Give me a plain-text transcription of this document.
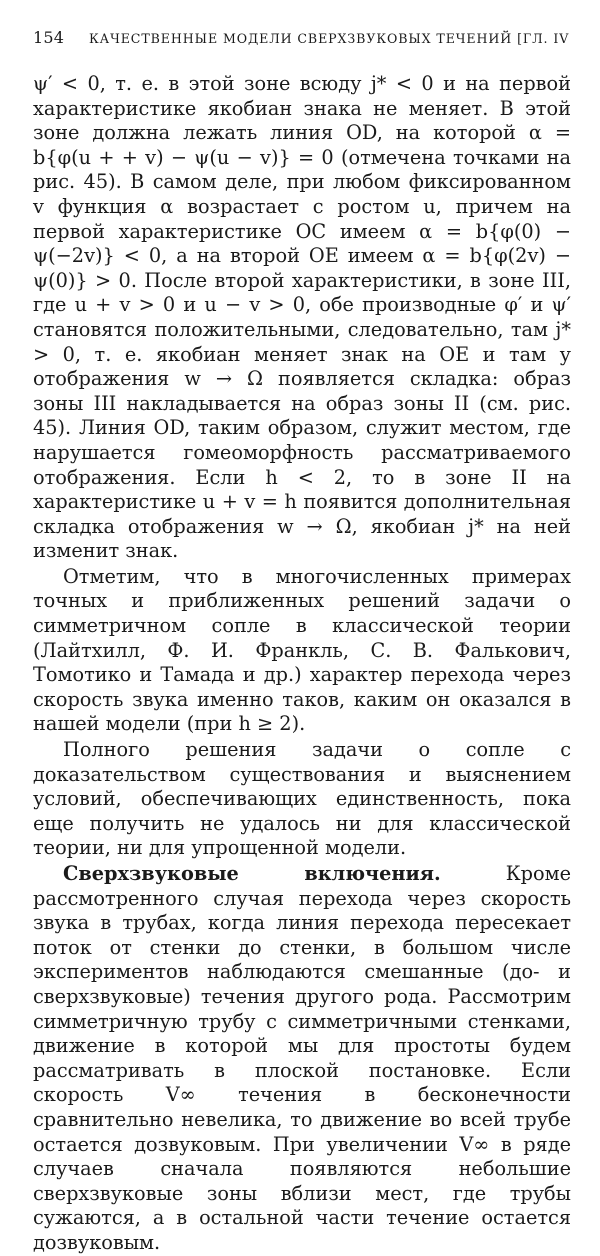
154	КАЧЕСТВЕННЫЕ МОДЕЛИ СВЕРХЗВУКОВЫХ ТЕЧЕНИЙ [ГЛ. IV

ψ′ < 0, т. е. в этой зоне всюду j* < 0 и на первой характеристике якобиан знака не меняет. В этой зоне должна лежать линия OD, на которой α = b{φ(u + + v) − ψ(u − v)} = 0 (отмечена точками на рис. 45). В самом деле, при любом фиксированном v функция α возрастает с ростом u, причем на первой характеристике OC имеем α = b{φ(0) − ψ(−2v)} < 0, а на второй OE имеем α = b{φ(2v) − ψ(0)} > 0. После второй характеристики, в зоне III, где u + v > 0 и u − v > 0, обе производные φ′ и ψ′ становятся положительными, следовательно, там j* > 0, т. е. якобиан меняет знак на OE и там у отображения w → Ω появляется складка: образ зоны III накладывается на образ зоны II (см. рис. 45). Линия OD, таким образом, служит местом, где нарушается гомеоморфность рассматриваемого отображения. Если h < 2, то в зоне II на характеристике u + v = h появится дополнительная складка отображения w → Ω, якобиан j* на ней изменит знак.

Отметим, что в многочисленных примерах точных и приближенных решений задачи о симметричном сопле в классической теории (Лайтхилл, Ф. И. Франкль, С. В. Фалькович, Томотико и Тамада и др.) характер перехода через скорость звука именно таков, каким он оказался в нашей модели (при h ≥ 2).

Полного решения задачи о сопле с доказательством существования и выяснением условий, обеспечивающих единственность, пока еще получить не удалось ни для классической теории, ни для упрощенной модели.

Сверхзвуковые включения.	Кроме рассмотренного случая перехода через скорость звука в трубах, когда линия перехода пересекает поток от стенки до стенки, в большом числе экспериментов наблюдаются смешанные (до- и сверхзвуковые) течения другого рода. Рассмотрим симметричную трубу с симметричными стенками, движение в которой мы для простоты будем рассматривать в плоской постановке. Если скорость V∞ течения в бесконечности сравнительно невелика, то движение во всей трубе остается дозвуковым. При увеличении V∞ в ряде случаев сначала появляются небольшие сверхзвуковые зоны вблизи мест, где трубы сужаются, а в остальной части течение остается дозвуковым.
